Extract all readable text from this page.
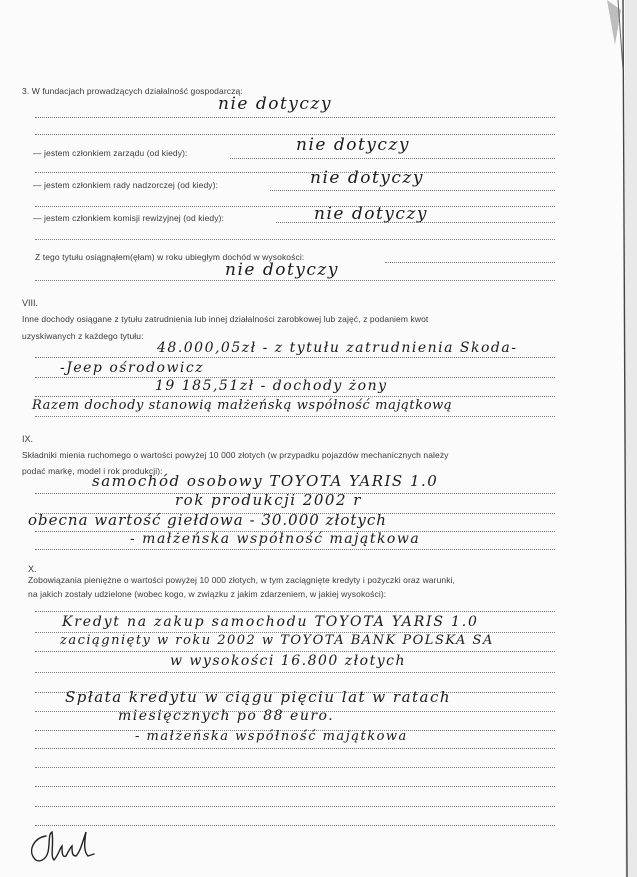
3. W fundacjach prowadzących działalność gospodarczą:
nie dotyczy
— jestem członkiem zarządu (od kiedy):	nie dotyczy
— jestem członkiem rady nadzorczej (od kiedy):	nie dotyczy
— jestem członkiem komisji rewizyjnej (od kiedy):	nie dotyczy
Z tego tytułu osiągnąłem(ęłam) w roku ubiegłym dochód w wysokości:
nie dotyczy
VIII.
Inne dochody osiągane z tytułu zatrudnienia lub innej działalności zarobkowej lub zajęć, z podaniem kwot
uzyskiwanych z każdego tytułu:
48.000,05zł - z tytułu zatrudnienia Skoda-
-Jeep ośrodowicz
19 185,51zł - dochody żony
Razem dochody stanowią małżeńską współność majątkową
IX.
Składniki mienia ruchomego o wartości powyżej 10 000 złotych (w przypadku pojazdów mechanicznych należy
podać markę, model i rok produkcji):
samochód osobowy TOYOTA YARIS 1.0
rok produkcji 2002 r
obecna wartość giełdowa - 30.000 złotych
- małżeńska współność majątkowa
X.
Zobowiązania pieniężne o wartości powyżej 10 000 złotych, w tym zaciągnięte kredyty i pożyczki oraz warunki,
na jakich zostały udzielone (wobec kogo, w związku z jakim zdarzeniem, w jakiej wysokości):
Kredyt na zakup samochodu TOYOTA YARIS 1.0
zaciągnięty w roku 2002 w TOYOTA BANK POLSKA SA
w wysokości 16.800 złotych
Spłata kredytu w ciągu pięciu lat w ratach
miesięcznych po 88 euro.
- małżeńska współność majątkowa
